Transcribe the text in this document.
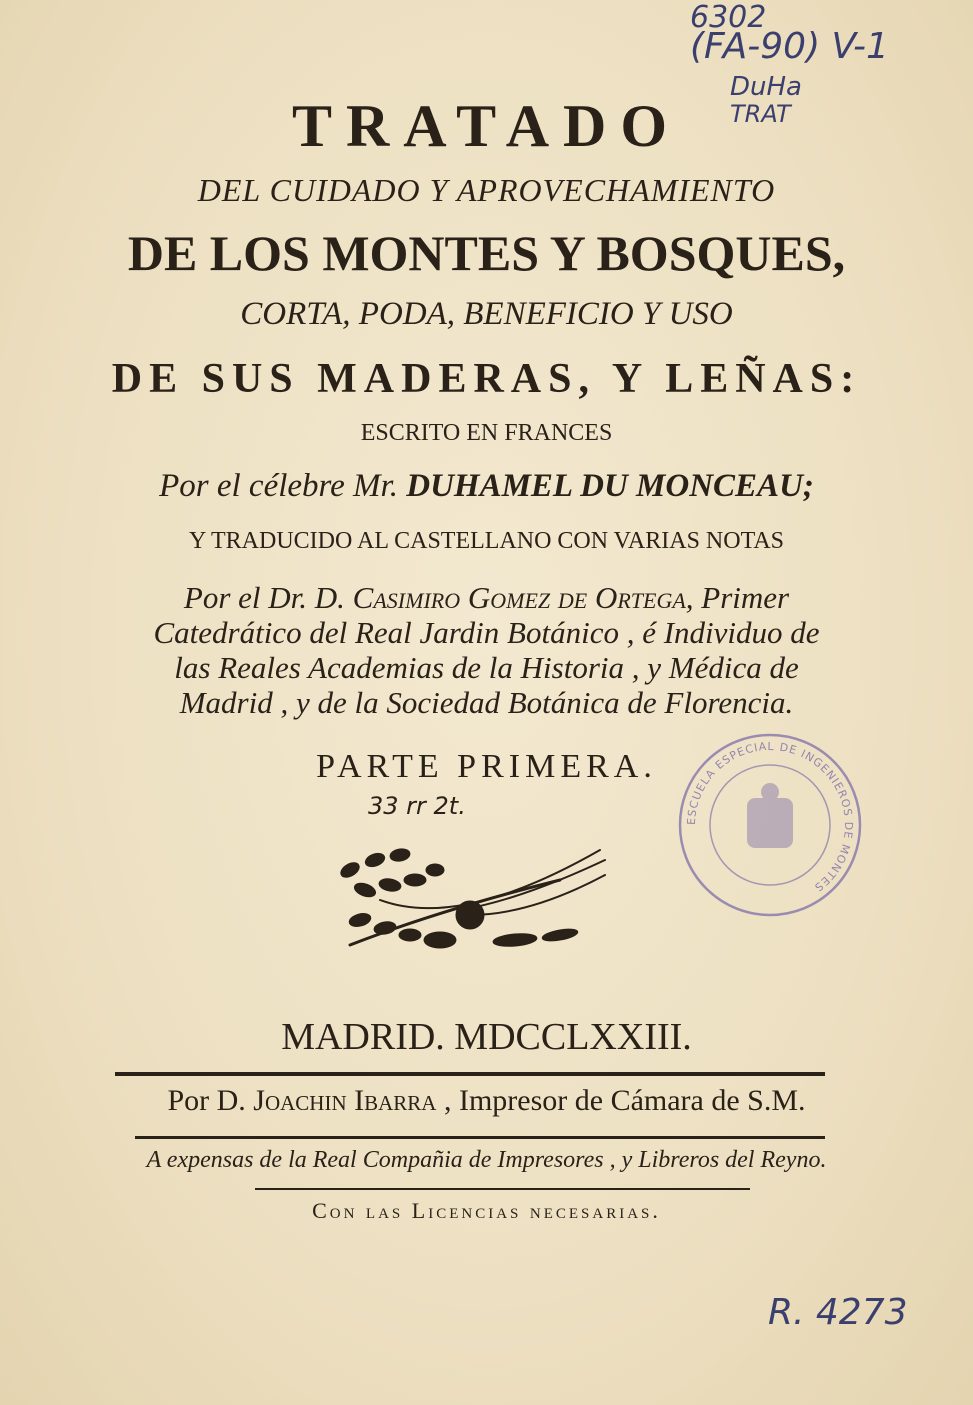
6302
(FA-90) V-1
DuHa
TRAT
TRATADO
DEL CUIDADO Y APROVECHAMIENTO
DE LOS MONTES Y BOSQUES,
CORTA, PODA, BENEFICIO Y USO
DE SUS MADERAS, Y LEÑAS:
ESCRITO EN FRANCES
Por el célebre Mr. DUHAMEL DU MONCEAU;
Y TRADUCIDO AL CASTELLANO CON VARIAS NOTAS
Por el Dr. D. Casimiro Gomez de Ortega, Primer
Catedrático del Real Jardin Botánico , é Individuo de
las Reales Academias de la Historia , y Médica de
Madrid , y de la Sociedad Botánica de Florencia.
PARTE PRIMERA.
33 rr 2t.
ESCUELA ESPECIAL DE INGENIEROS DE MONTES
MADRID. MDCCLXXIII.
Por D. Joachin Ibarra , Impresor de Cámara de S.M.
A expensas de la Real Compañia de Impresores , y Libreros del Reyno.
Con las Licencias necesarias.
R. 4273
